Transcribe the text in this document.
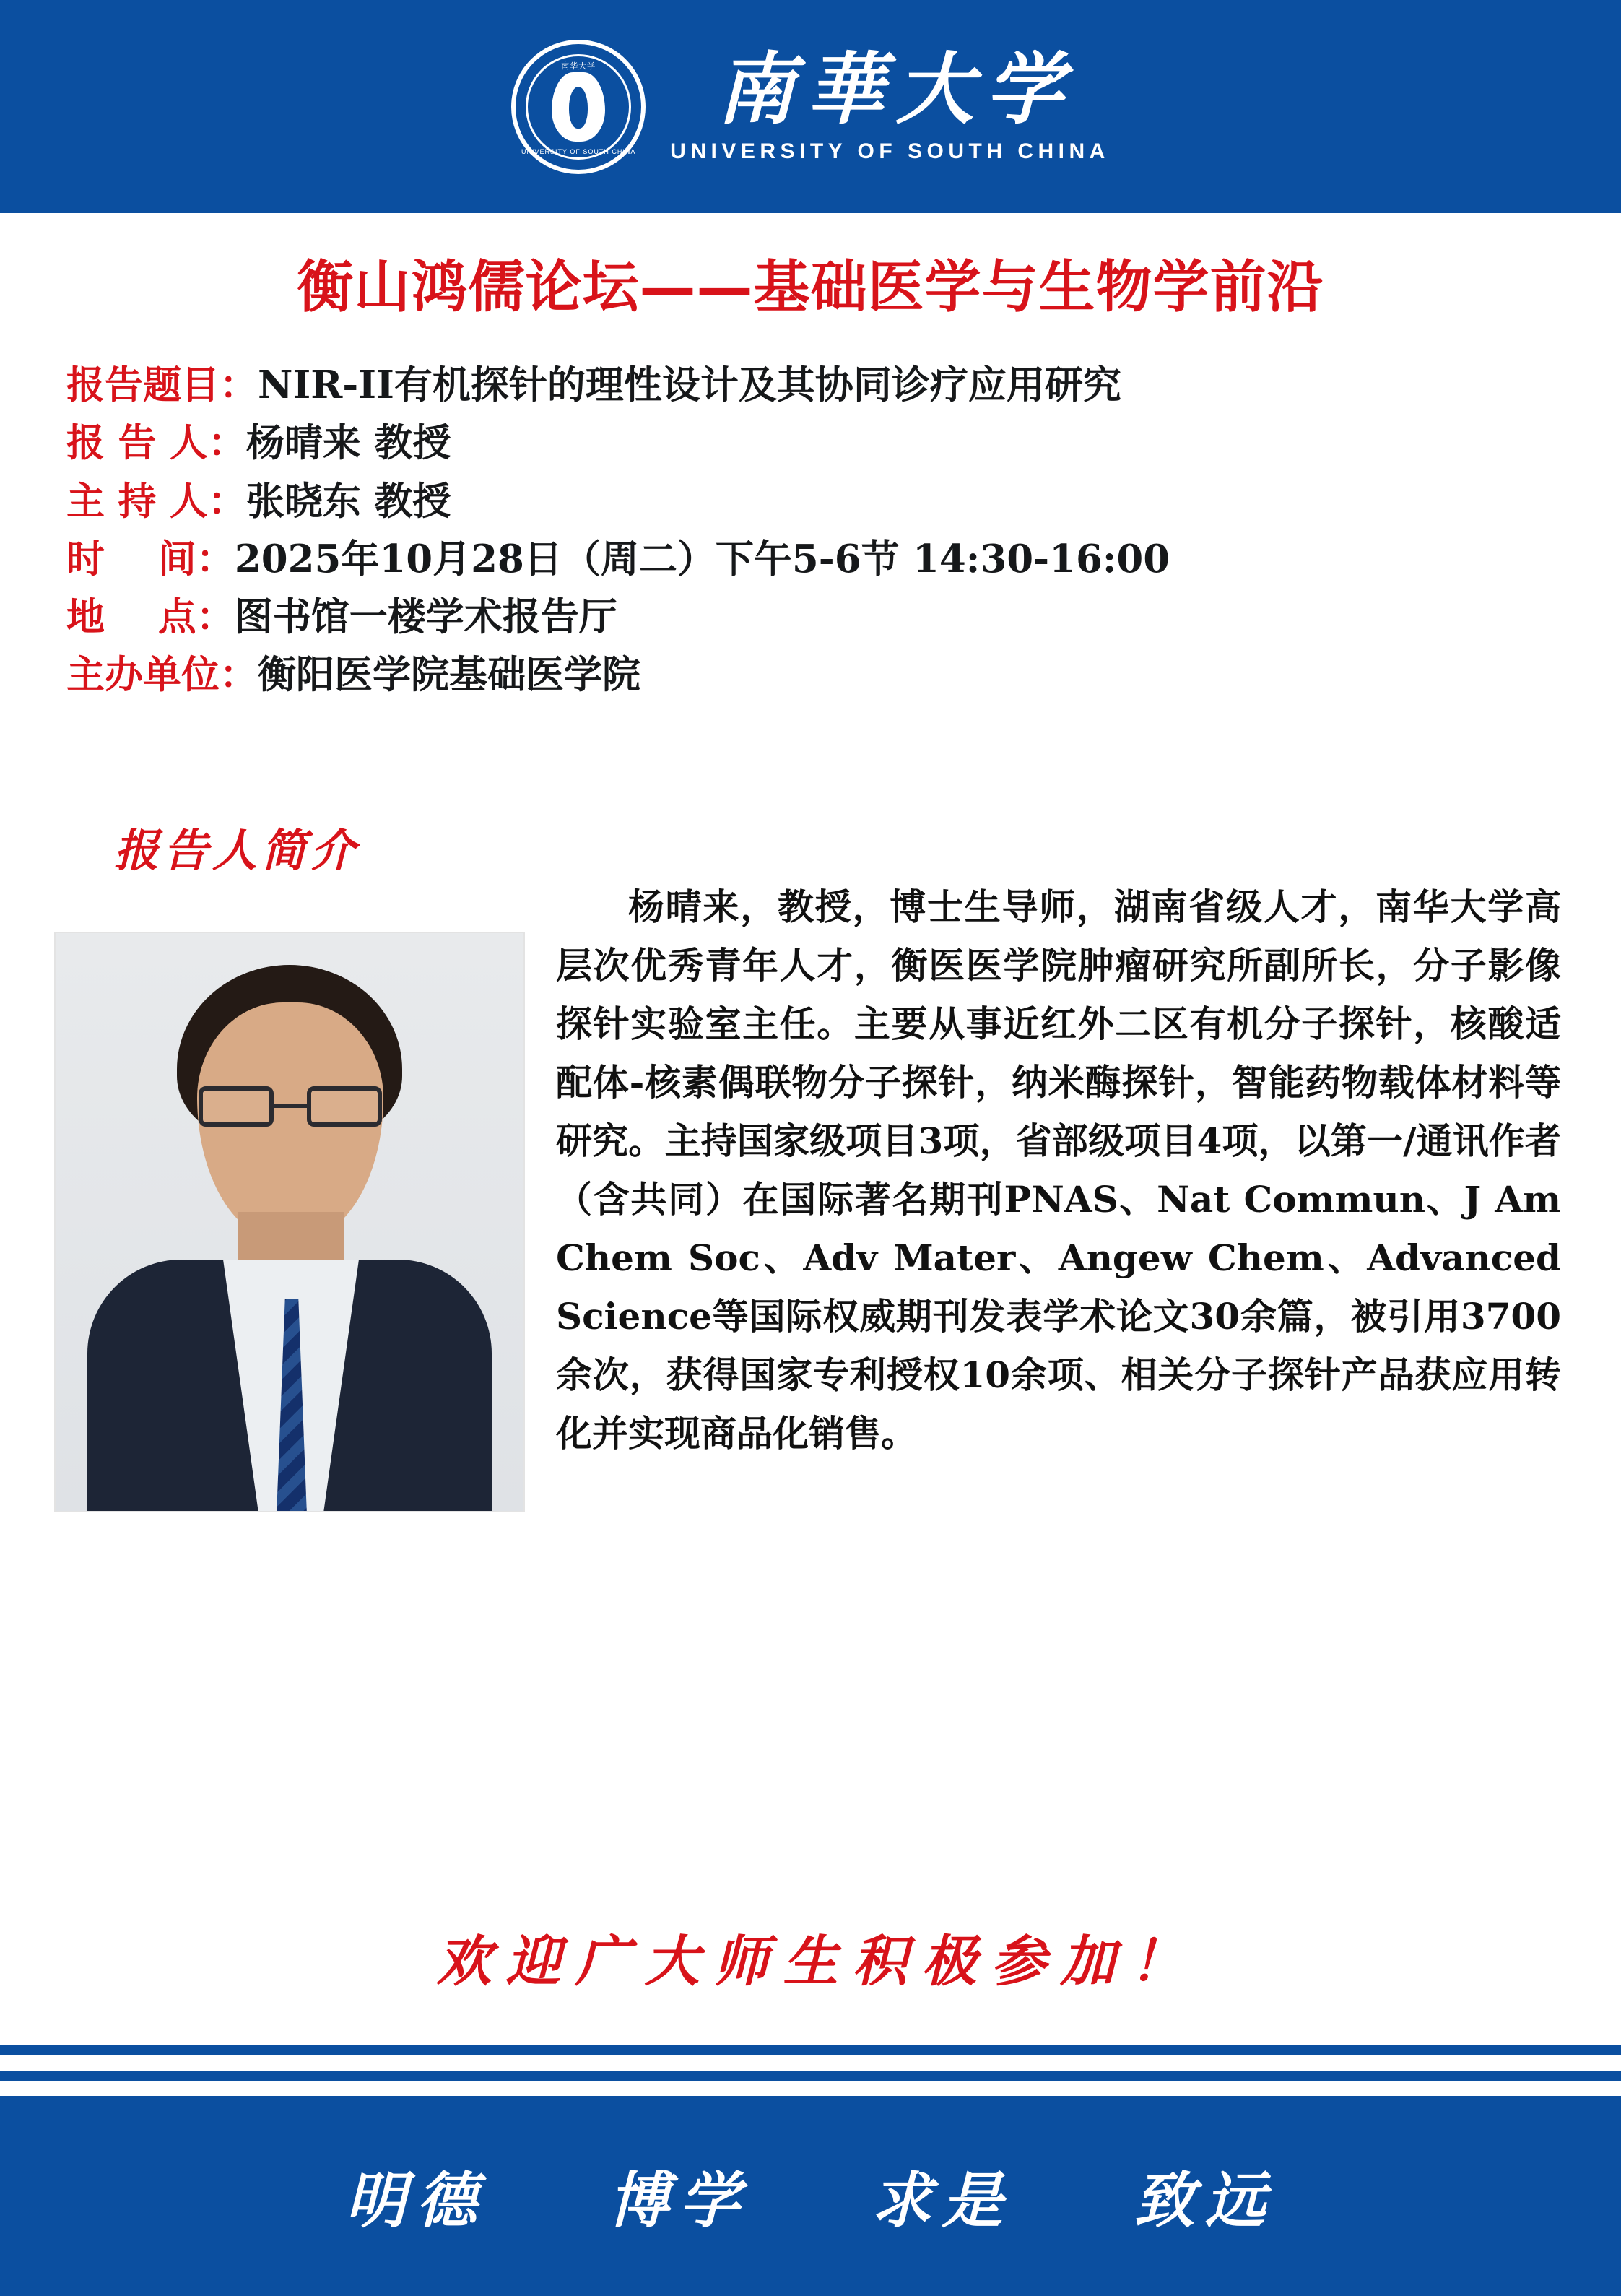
南华大学
UNIVERSITY OF SOUTH CHINA
南華大学
UNIVERSITY OF SOUTH CHINA
衡山鸿儒论坛——基础医学与生物学前沿
报告题目： NIR-II有机探针的理性设计及其协同诊疗应用研究
报 告 人： 杨晴来 教授
主 持 人： 张晓东 教授
时    间： 2025年10月28日（周二）下午5-6节 14:30-16:00
地    点： 图书馆一楼学术报告厅
主办单位： 衡阳医学院基础医学院
报告人简介
杨晴来，教授，博士生导师，湖南省级人才，南华大学高层次优秀青年人才，衡医医学院肿瘤研究所副所长，分子影像探针实验室主任。主要从事近红外二区有机分子探针，核酸适配体-核素偶联物分子探针，纳米酶探针，智能药物载体材料等研究。主持国家级项目3项，省部级项目4项，以第一/通讯作者（含共同）在国际著名期刊PNAS、Nat Commun、J Am Chem Soc、Adv Mater、Angew Chem、Advanced Science等国际权威期刊发表学术论文30余篇，被引用3700余次，获得国家专利授权10余项、相关分子探针产品获应用转化并实现商品化销售。
欢迎广大师生积极参加！
明德 博学 求是 致远
